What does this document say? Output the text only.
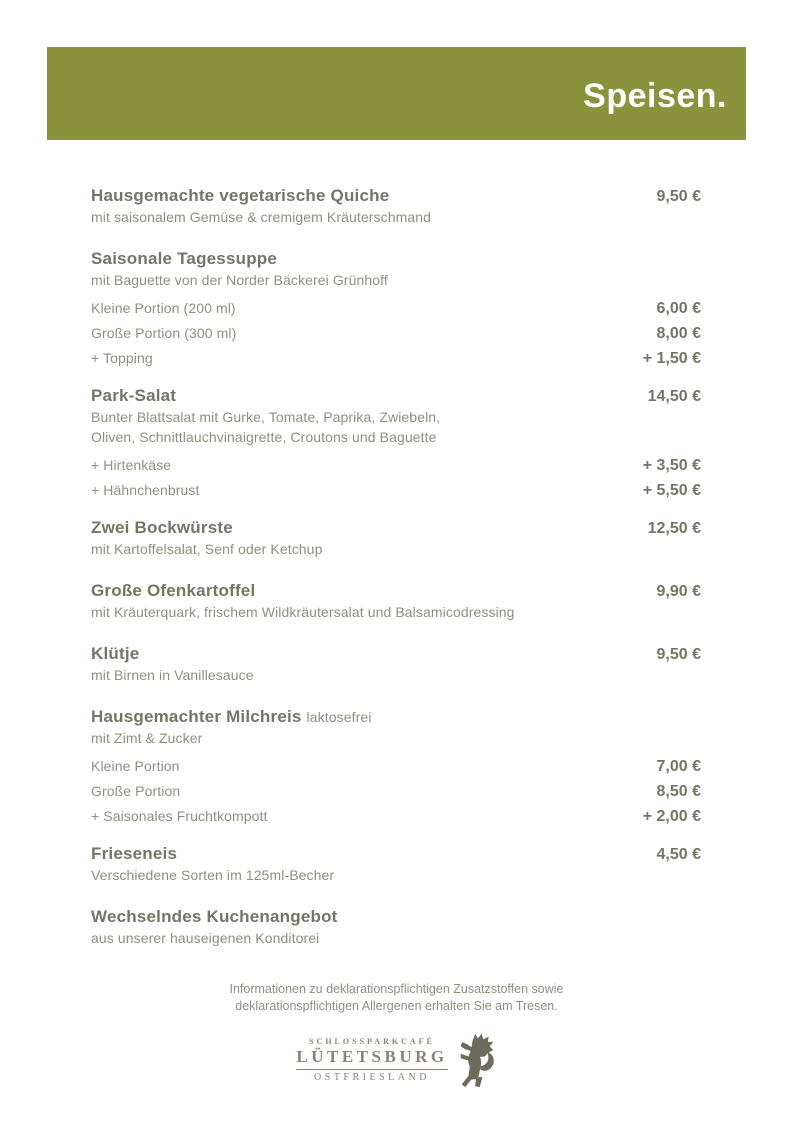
Speisen.
Hausgemachte vegetarische Quiche	9,50 €

mit saisonalem Gemüse & cremigem Kräuterschmand

Saisonale Tagessuppe

mit Baguette von der Norder Bäckerei Grünhoff

Kleine Portion (200 ml)	6,00 €
Große Portion (300 ml)	8,00 €
+ Topping	+ 1,50 €
Park-Salat	14,50 €

Bunter Blattsalat mit Gurke, Tomate, Paprika, Zwiebeln,

Oliven, Schnittlauchvinaigrette, Croutons und Baguette

+ Hirtenkäse	+ 3,50 €
+ Hähnchenbrust	+ 5,50 €
Zwei Bockwürste	12,50 €

mit Kartoffelsalat, Senf oder Ketchup

Große Ofenkartoffel	9,90 €

mit Kräuterquark, frischem Wildkräutersalat und Balsamicodressing

Klütje	9,50 €

mit Birnen in Vanillesauce

Hausgemachter Milchreis laktosefrei

mit Zimt & Zucker

Kleine Portion	7,00 €
Große Portion	8,50 €
+ Saisonales Fruchtkompott	+ 2,00 €
Frieseneis	4,50 €

Verschiedene Sorten im 125ml-Becher

Wechselndes Kuchenangebot

aus unserer hauseigenen Konditorei

Informationen zu deklarationspflichtigen Zusatzstoffen sowie
deklarationspflichtigen Allergenen erhalten Sie am Tresen.

SCHLOSSPARKCAFÉ
LÜTETSBURG
OSTFRIESLAND
